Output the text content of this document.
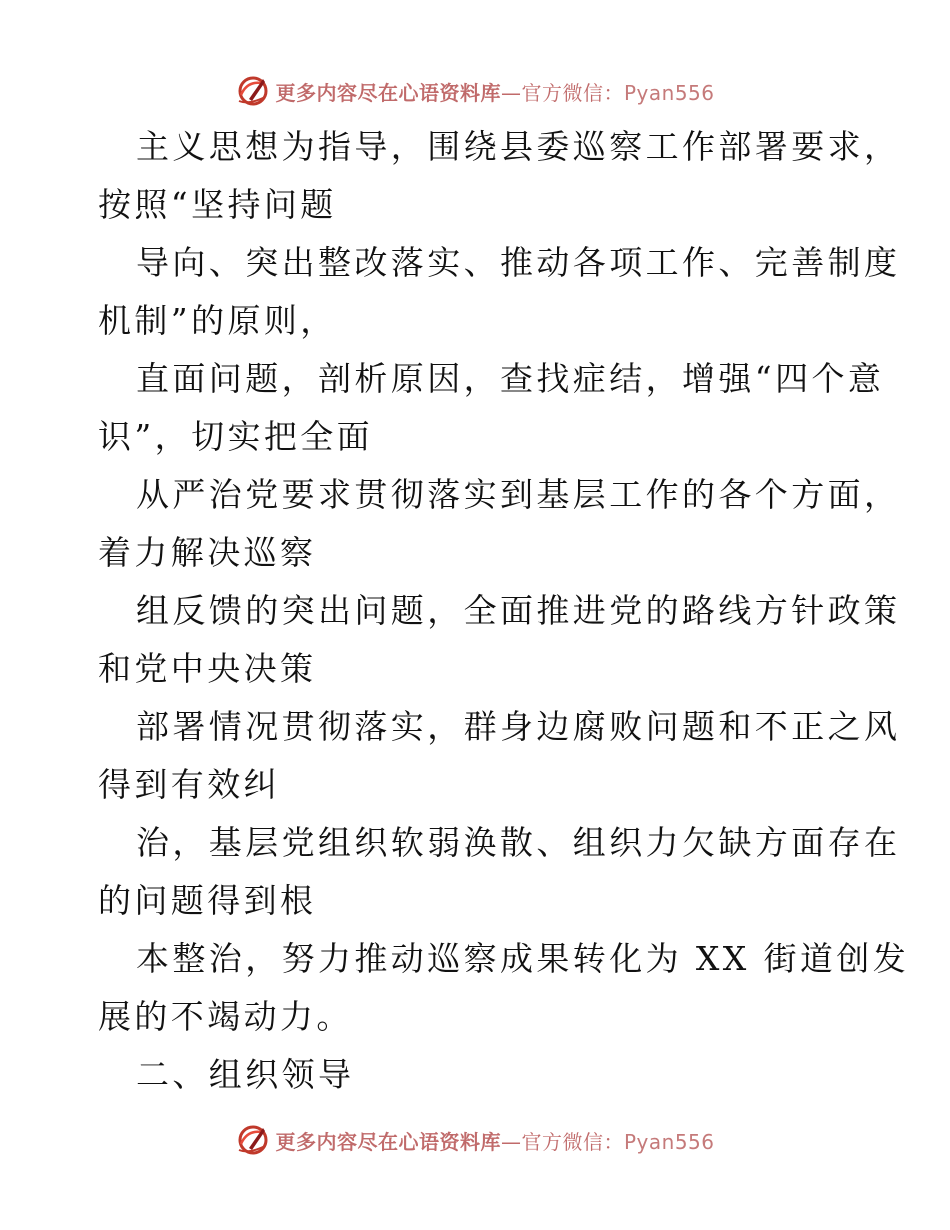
更多内容尽在心语资料库—官方微信：Pyan556

主义思想为指导，围绕县委巡察工作部署要求，

按照“坚持问题

导向、突出整改落实、推动各项工作、完善制度

机制”的原则，

直面问题，剖析原因，查找症结，增强“四个意

识”，切实把全面

从严治党要求贯彻落实到基层工作的各个方面，

着力解决巡察

组反馈的突出问题，全面推进党的路线方针政策

和党中央决策

部署情况贯彻落实，群身边腐败问题和不正之风

得到有效纠

治，基层党组织软弱涣散、组织力欠缺方面存在

的问题得到根

本整治，努力推动巡察成果转化为 XX 街道创发

展的不竭动力。

二、组织领导

更多内容尽在心语资料库—官方微信：Pyan556
